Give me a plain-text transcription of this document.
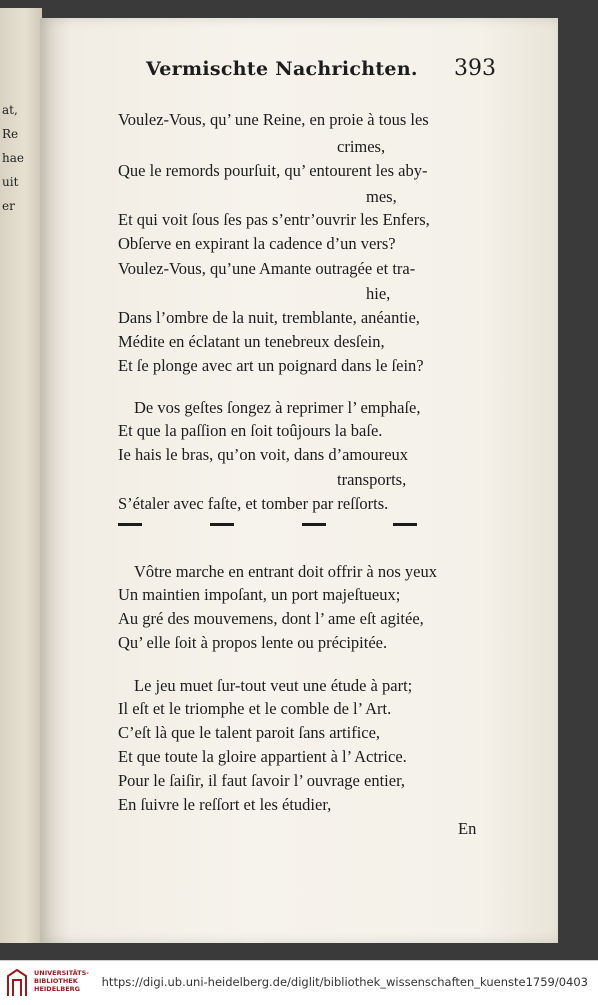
at,
Re
hae
uit
er
Vermischte Nachrichten. 393
Voulez-Vous, qu’ une Reine, en proie à tous les
crimes,
Que le remords pourſuit, qu’ entourent les aby-
mes,
Et qui voit ſous ſes pas s’entr’ouvrir les Enfers,
Obſerve en expirant la cadence d’un vers?
Voulez-Vous, qu’une Amante outragée et tra-
hie,
Dans l’ombre de la nuit, tremblante, anéantie,
Médite en éclatant un tenebreux desſein,
Et ſe plonge avec art un poignard dans le ſein?
De vos geſtes ſongez à reprimer l’ emphaſe,
Et que la paſſion en ſoit toûjours la baſe.
Ie hais le bras, qu’on voit, dans d’amoureux
transports,
S’étaler avec faſte, et tomber par reſſorts.
Vôtre marche en entrant doit offrir à nos yeux
Un maintien impoſant, un port majeſtueux;
Au gré des mouvemens, dont l’ ame eſt agitée,
Qu’ elle ſoit à propos lente ou précipitée.
Le jeu muet ſur-tout veut une étude à part;
Il eſt et le triomphe et le comble de l’ Art.
C’eſt là que le talent paroit ſans artifice,
Et que toute la gloire appartient à l’ Actrice.
Pour le ſaiſir, il faut ſavoir l’ ouvrage entier,
En ſuivre le reſſort et les étudier,
En
UNIVERSITÄTS-
BIBLIOTHEK
HEIDELBERG	https://digi.ub.uni-heidelberg.de/diglit/bibliothek_wissenschaften_kuenste1759/0403
